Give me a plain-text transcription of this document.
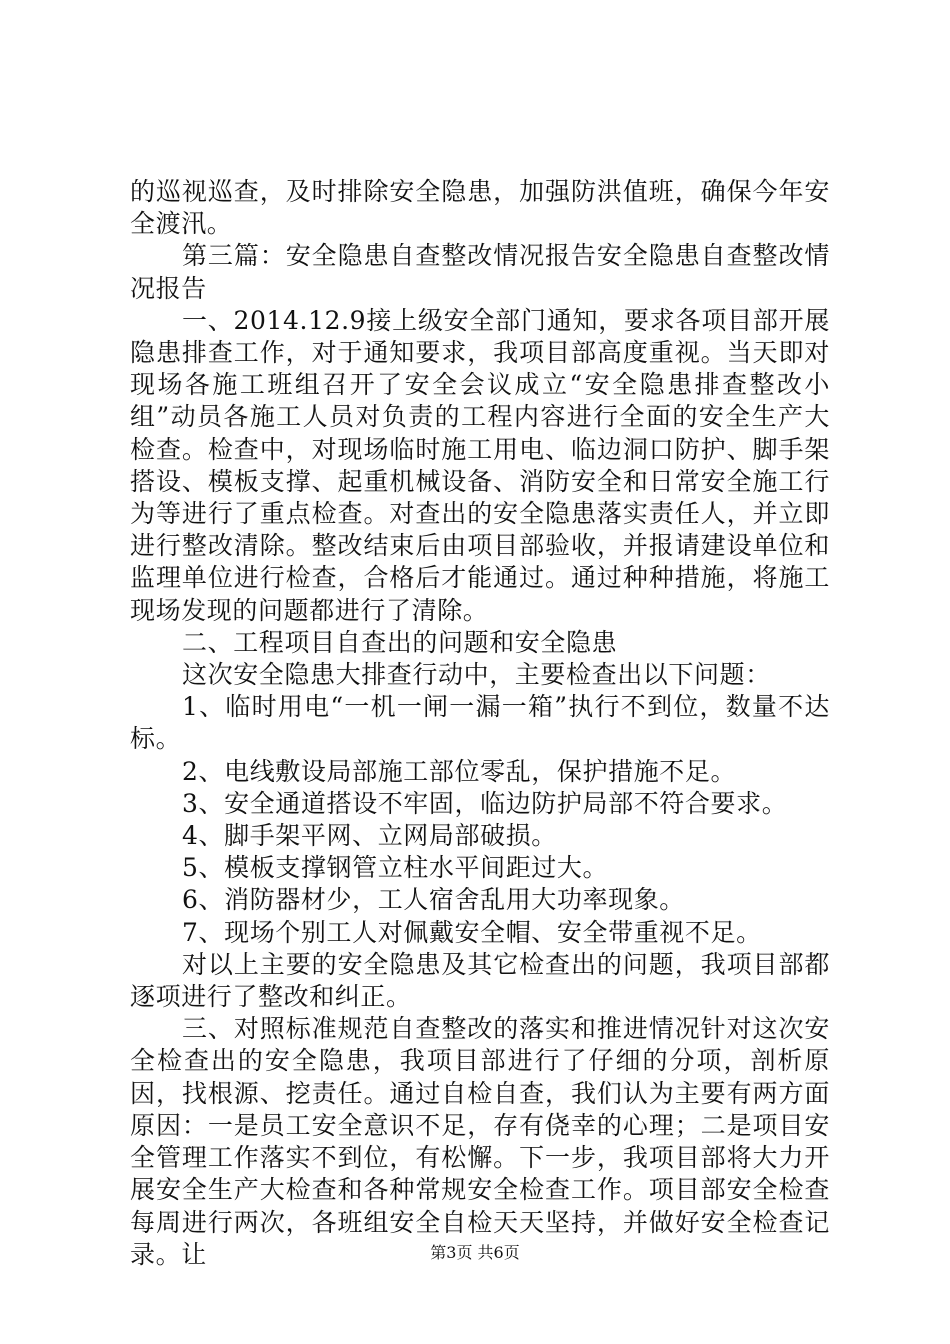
的巡视巡查，及时排除安全隐患，加强防洪值班，确保今年安全渡汛。

第三篇：安全隐患自查整改情况报告安全隐患自查整改情况报告

一、2014.12.9接上级安全部门通知，要求各项目部开展隐患排查工作，对于通知要求，我项目部高度重视。当天即对现场各施工班组召开了安全会议成立“安全隐患排查整改小组”动员各施工人员对负责的工程内容进行全面的安全生产大检查。检查中，对现场临时施工用电、临边洞口防护、脚手架搭设、模板支撑、起重机械设备、消防安全和日常安全施工行为等进行了重点检查。对查出的安全隐患落实责任人，并立即进行整改清除。整改结束后由项目部验收，并报请建设单位和监理单位进行检查，合格后才能通过。通过种种措施，将施工现场发现的问题都进行了清除。

二、工程项目自查出的问题和安全隐患

这次安全隐患大排查行动中，主要检查出以下问题：

1、临时用电“一机一闸一漏一箱”执行不到位，数量不达标。

2、电线敷设局部施工部位零乱，保护措施不足。

3、安全通道搭设不牢固，临边防护局部不符合要求。

4、脚手架平网、立网局部破损。

5、模板支撑钢管立柱水平间距过大。

6、消防器材少，工人宿舍乱用大功率现象。

7、现场个别工人对佩戴安全帽、安全带重视不足。

对以上主要的安全隐患及其它检查出的问题，我项目部都逐项进行了整改和纠正。

三、对照标准规范自查整改的落实和推进情况针对这次安全检查出的安全隐患，我项目部进行了仔细的分项，剖析原因，找根源、挖责任。通过自检自查，我们认为主要有两方面原因：一是员工安全意识不足，存有侥幸的心理；二是项目安全管理工作落实不到位，有松懈。下一步，我项目部将大力开展安全生产大检查和各种常规安全检查工作。项目部安全检查每周进行两次，各班组安全自检天天坚持，并做好安全检查记录。让	第3页 共6页
